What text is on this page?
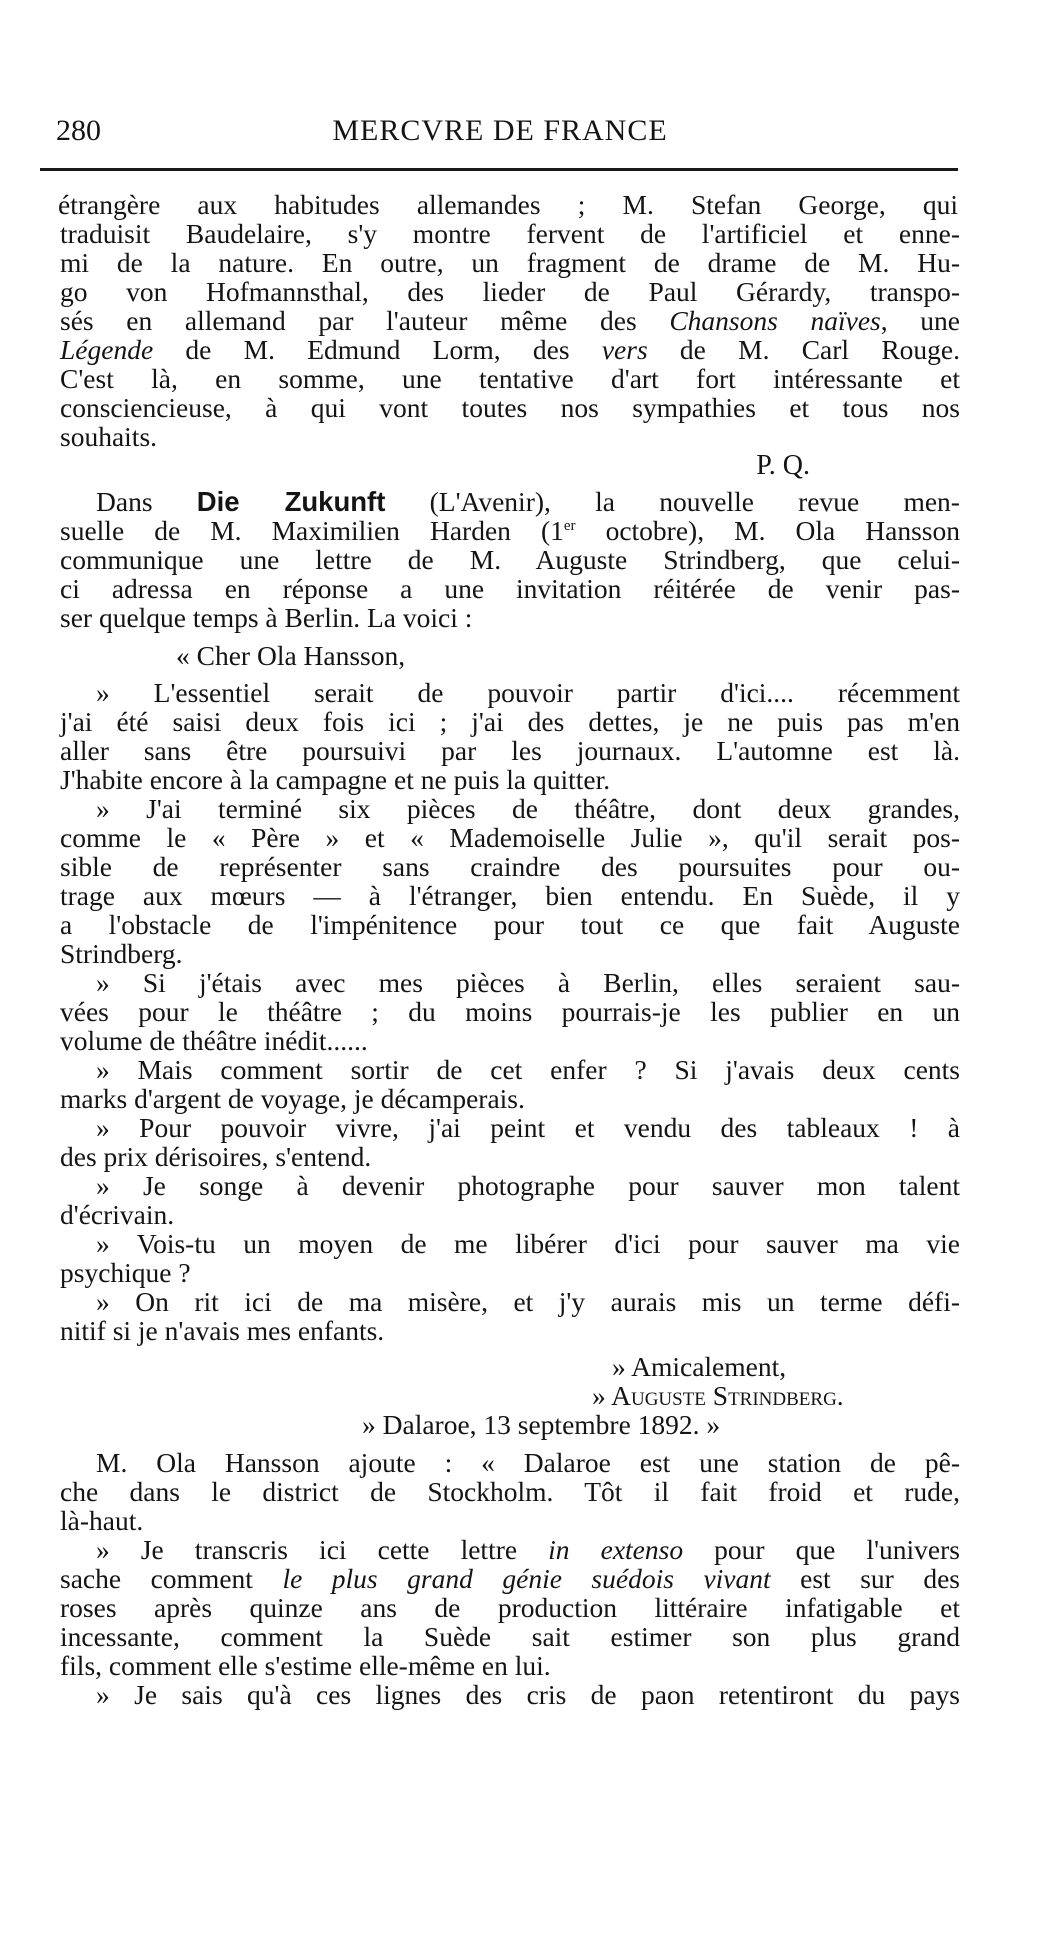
280	MERCVRE DE FRANCE
étrangère aux habitudes allemandes ; M. Stefan George, qui
traduisit Baudelaire, s'y montre fervent de l'artificiel et enne-
mi de la nature. En outre, un fragment de drame de M. Hu-
go von Hofmannsthal, des lieder de Paul Gérardy, transpo-
sés en allemand par l'auteur même des Chansons naïves, une
Légende de M. Edmund Lorm, des vers de M. Carl Rouge.
C'est là, en somme, une tentative d'art fort intéressante et
consciencieuse, à qui vont toutes nos sympathies et tous nos
souhaits.
P. Q.
Dans Die Zukunft (L'Avenir), la nouvelle revue men-
suelle de M. Maximilien Harden (1er octobre), M. Ola Hansson
communique une lettre de M. Auguste Strindberg, que celui-
ci adressa en réponse a une invitation réitérée de venir pas-
ser quelque temps à Berlin. La voici :
« Cher Ola Hansson,
» L'essentiel serait de pouvoir partir d'ici.... récemment
j'ai été saisi deux fois ici ; j'ai des dettes, je ne puis pas m'en
aller sans être poursuivi par les journaux. L'automne est là.
J'habite encore à la campagne et ne puis la quitter.
» J'ai terminé six pièces de théâtre, dont deux grandes,
comme le « Père » et « Mademoiselle Julie », qu'il serait pos-
sible de représenter sans craindre des poursuites pour ou-
trage aux mœurs — à l'étranger, bien entendu. En Suède, il y
a l'obstacle de l'impénitence pour tout ce que fait Auguste
Strindberg.
» Si j'étais avec mes pièces à Berlin, elles seraient sau-
vées pour le théâtre ; du moins pourrais-je les publier en un
volume de théâtre inédit......
» Mais comment sortir de cet enfer ? Si j'avais deux cents
marks d'argent de voyage, je décamperais.
» Pour pouvoir vivre, j'ai peint et vendu des tableaux ! à
des prix dérisoires, s'entend.
» Je songe à devenir photographe pour sauver mon talent
d'écrivain.
» Vois-tu un moyen de me libérer d'ici pour sauver ma vie
psychique ?
» On rit ici de ma misère, et j'y aurais mis un terme défi-
nitif si je n'avais mes enfants.
» Amicalement,
» Auguste Strindberg.
» Dalaroe, 13 septembre 1892. »
M. Ola Hansson ajoute : « Dalaroe est une station de pê-
che dans le district de Stockholm. Tôt il fait froid et rude,
là-haut.
» Je transcris ici cette lettre in extenso pour que l'univers
sache comment le plus grand génie suédois vivant est sur des
roses après quinze ans de production littéraire infatigable et
incessante, comment la Suède sait estimer son plus grand
fils, comment elle s'estime elle-même en lui.
» Je sais qu'à ces lignes des cris de paon retentiront du pays
